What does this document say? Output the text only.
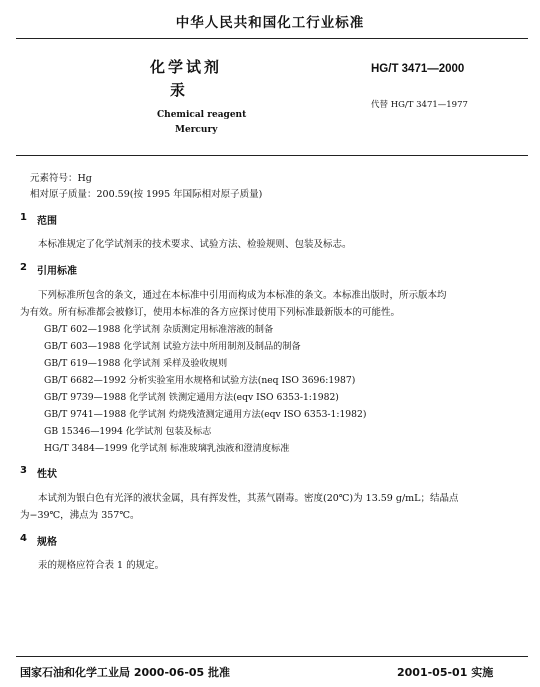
中华人民共和国化工行业标准
化学试剂
汞
HG/T 3471—2000
代替 HG/T 3471—1977
Chemical reagent
Mercury
元素符号：Hg
相对原子质量：200.59(按 1995 年国际相对原子质量)
1 范围
本标准规定了化学试剂汞的技术要求、试验方法、检验规则、包装及标志。
2 引用标准
下列标准所包含的条文，通过在本标准中引用而构成为本标准的条文。本标准出版时，所示版本均
为有效。所有标准都会被修订，使用本标准的各方应探讨使用下列标准最新版本的可能性。
GB/T 602—1988 化学试剂 杂质测定用标准溶液的制备
GB/T 603—1988 化学试剂 试验方法中所用制剂及制品的制备
GB/T 619—1988 化学试剂 采样及验收规则
GB/T 6682—1992 分析实验室用水规格和试验方法(neq ISO 3696:1987)
GB/T 9739—1988 化学试剂 铁测定通用方法(eqv ISO 6353-1:1982)
GB/T 9741—1988 化学试剂 灼烧残渣测定通用方法(eqv ISO 6353-1:1982)
GB 15346—1994 化学试剂 包装及标志
HG/T 3484—1999 化学试剂 标准玻璃乳浊液和澄清度标准
3 性状
本试剂为银白色有光泽的液状金属，具有挥发性，其蒸气剧毒。密度(20℃)为 13.59 g/mL；结晶点
为−39℃，沸点为 357℃。
4 规格
汞的规格应符合表 1 的规定。
国家石油和化学工业局 2000-06-05 批准	2001-05-01 实施
